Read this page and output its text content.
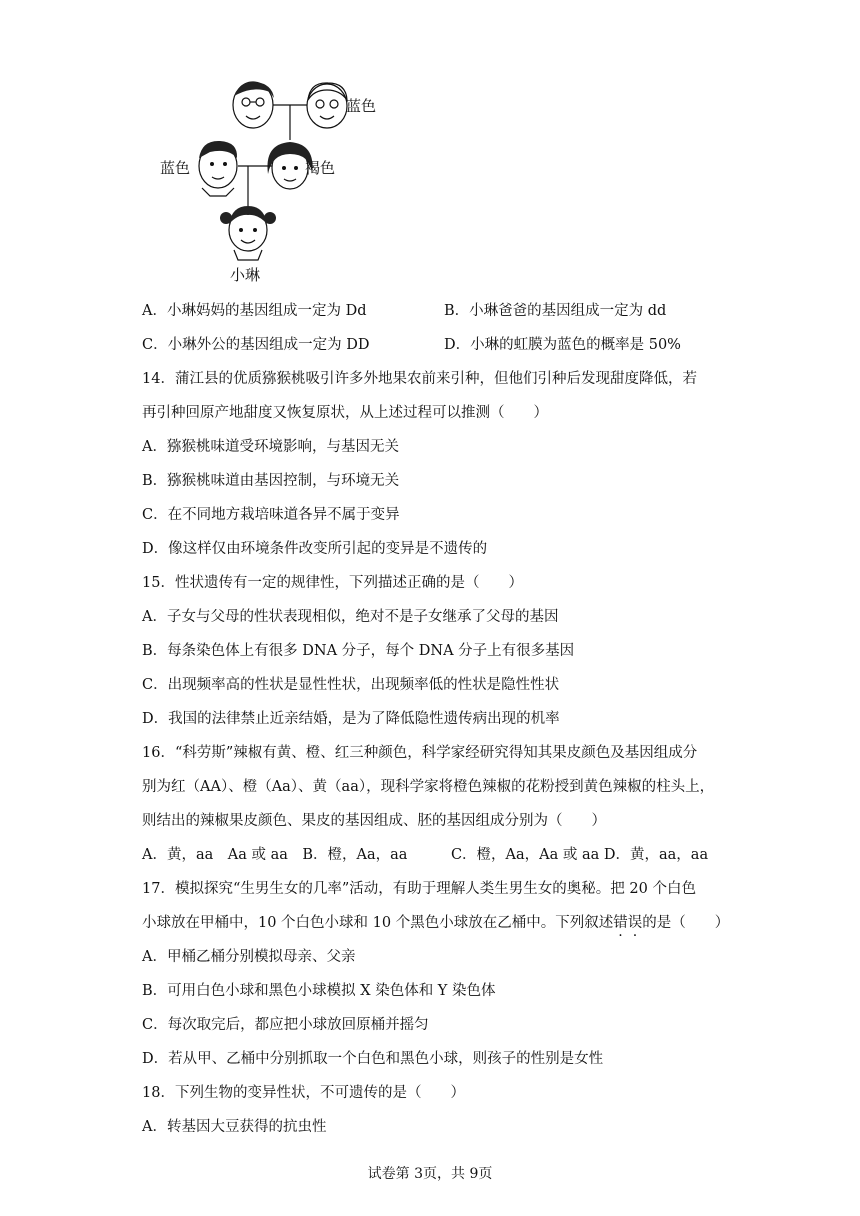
蓝色
蓝色	褐色
小琳
A．小琳妈妈的基因组成一定为 Dd	B．小琳爸爸的基因组成一定为 dd
C．小琳外公的基因组成一定为 DD	D．小琳的虹膜为蓝色的概率是 50%
14．蒲江县的优质猕猴桃吸引许多外地果农前来引种，但他们引种后发现甜度降低，若
再引种回原产地甜度又恢复原状，从上述过程可以推测（　　）
A．猕猴桃味道受环境影响，与基因无关
B．猕猴桃味道由基因控制，与环境无关
C．在不同地方栽培味道各异不属于变异
D．像这样仅由环境条件改变所引起的变异是不遗传的
15．性状遗传有一定的规律性，下列描述正确的是（　　）
A．子女与父母的性状表现相似，绝对不是子女继承了父母的基因
B．每条染色体上有很多 DNA 分子，每个 DNA 分子上有很多基因
C．出现频率高的性状是显性性状，出现频率低的性状是隐性性状
D．我国的法律禁止近亲结婚，是为了降低隐性遗传病出现的机率
16．“科劳斯”辣椒有黄、橙、红三种颜色，科学家经研究得知其果皮颜色及基因组成分
别为红（AA）、橙（Aa）、黄（aa），现科学家将橙色辣椒的花粉授到黄色辣椒的柱头上，
则结出的辣椒果皮颜色、果皮的基因组成、胚的基因组成分别为（　　）
A．黄，aa　Aa 或 aa　B．橙，Aa，aa　　　C．橙，Aa，Aa 或 aa D．黄，aa，aa
17．模拟探究“生男生女的几率”活动，有助于理解人类生男生女的奥秘。把 20 个白色
小球放在甲桶中，10 个白色小球和 10 个黑色小球放在乙桶中。下列叙述错误的是（　　）
A．甲桶乙桶分别模拟母亲、父亲
B．可用白色小球和黑色小球模拟 X 染色体和 Y 染色体
C．每次取完后，都应把小球放回原桶并摇匀
D．若从甲、乙桶中分别抓取一个白色和黑色小球，则孩子的性别是女性
18．下列生物的变异性状，不可遗传的是（　　）
A．转基因大豆获得的抗虫性
试卷第 3页，共 9页
